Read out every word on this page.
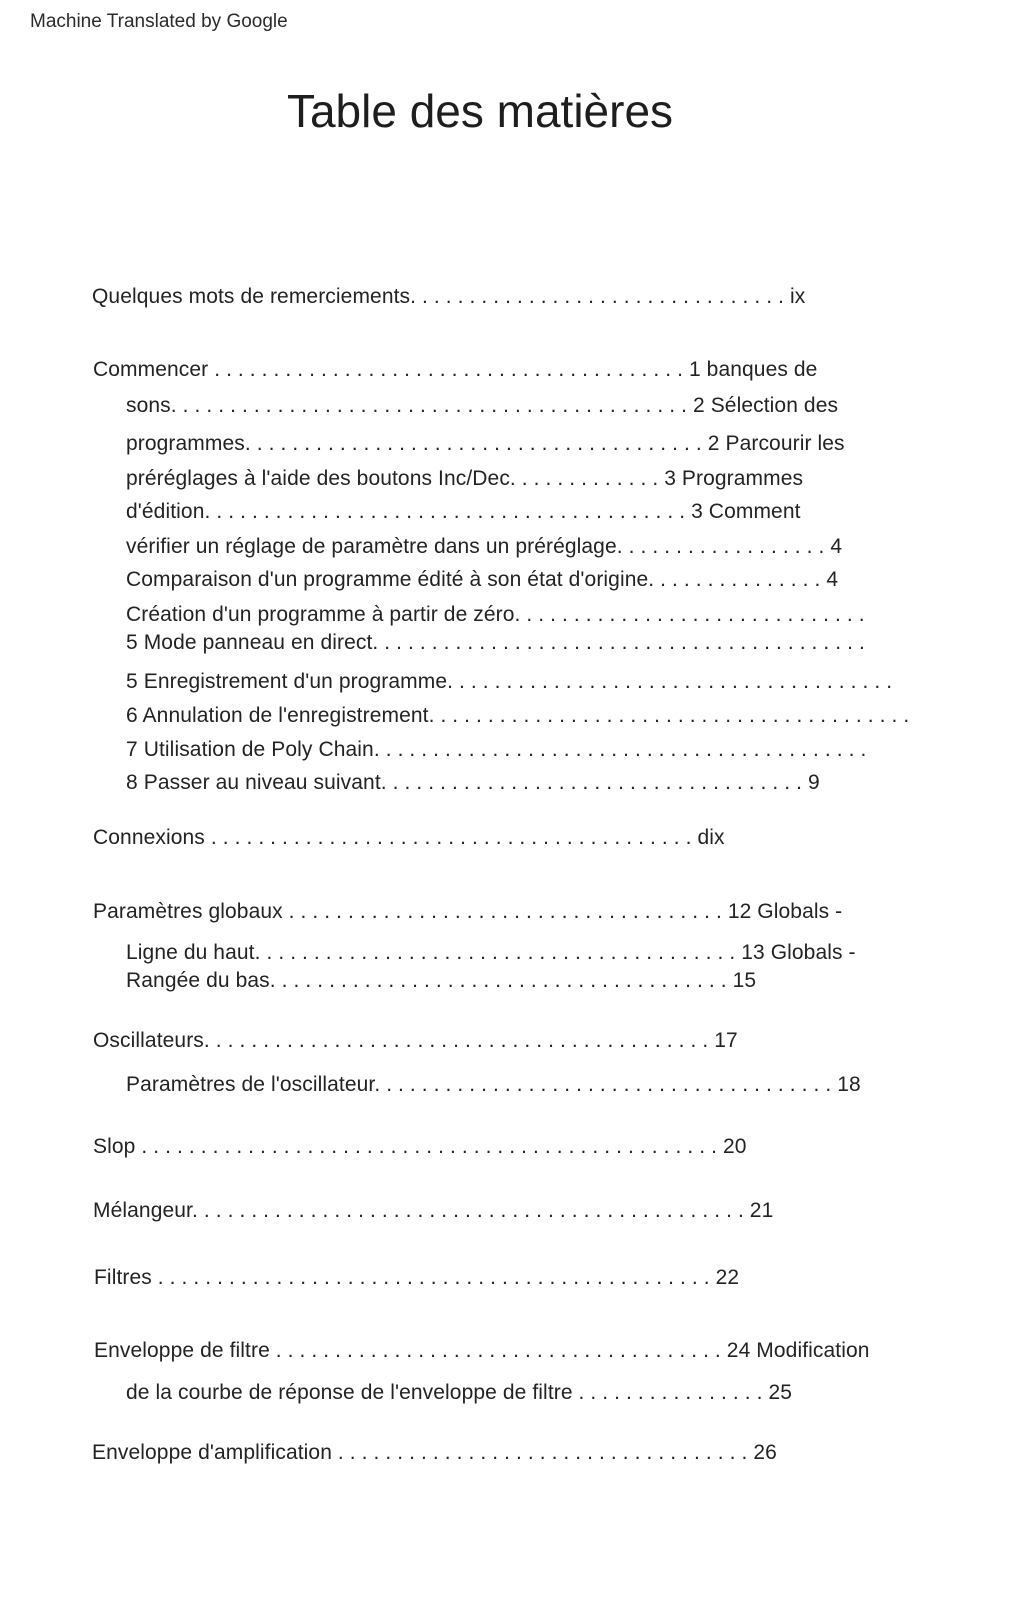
Machine Translated by Google
Table des matières
Quelques mots de remerciements. . . . . . . . . . . . . . . . . . . . . . . . . . . . . . . . ix
Commencer . . . . . . . . . . . . . . . . . . . . . . . . . . . . . . . . . . . . . . . . 1 banques de
sons. . . . . . . . . . . . . . . . . . . . . . . . . . . . . . . . . . . . . . . . . . . . 2 Sélection des
programmes. . . . . . . . . . . . . . . . . . . . . . . . . . . . . . . . . . . . . . . 2 Parcourir les
préréglages à l'aide des boutons Inc/Dec. . . . . . . . . . . . . 3 Programmes
d'édition. . . . . . . . . . . . . . . . . . . . . . . . . . . . . . . . . . . . . . . . . 3 Comment
vérifier un réglage de paramètre dans un préréglage. . . . . . . . . . . . . . . . . . 4
Comparaison d'un programme édité à son état d'origine. . . . . . . . . . . . . . . 4
Création d'un programme à partir de zéro. . . . . . . . . . . . . . . . . . . . . . . . . . . . . .
5 Mode panneau en direct. . . . . . . . . . . . . . . . . . . . . . . . . . . . . . . . . . . . . . . . . .
5 Enregistrement d'un programme. . . . . . . . . . . . . . . . . . . . . . . . . . . . . . . . . . . . . .
6 Annulation de l'enregistrement. . . . . . . . . . . . . . . . . . . . . . . . . . . . . . . . . . . . . . . . .
7 Utilisation de Poly Chain. . . . . . . . . . . . . . . . . . . . . . . . . . . . . . . . . . . . . . . . . .
8 Passer au niveau suivant. . . . . . . . . . . . . . . . . . . . . . . . . . . . . . . . . . . . 9
Connexions . . . . . . . . . . . . . . . . . . . . . . . . . . . . . . . . . . . . . . . . . dix
Paramètres globaux . . . . . . . . . . . . . . . . . . . . . . . . . . . . . . . . . . . . . 12 Globals -
Ligne du haut. . . . . . . . . . . . . . . . . . . . . . . . . . . . . . . . . . . . . . . . . 13 Globals -
Rangée du bas. . . . . . . . . . . . . . . . . . . . . . . . . . . . . . . . . . . . . . . 15
Oscillateurs. . . . . . . . . . . . . . . . . . . . . . . . . . . . . . . . . . . . . . . . . . . 17
Paramètres de l'oscillateur. . . . . . . . . . . . . . . . . . . . . . . . . . . . . . . . . . . . . . . 18
Slop . . . . . . . . . . . . . . . . . . . . . . . . . . . . . . . . . . . . . . . . . . . . . . . . . 20
Mélangeur. . . . . . . . . . . . . . . . . . . . . . . . . . . . . . . . . . . . . . . . . . . . . . . 21
Filtres . . . . . . . . . . . . . . . . . . . . . . . . . . . . . . . . . . . . . . . . . . . . . . . 22
Enveloppe de filtre . . . . . . . . . . . . . . . . . . . . . . . . . . . . . . . . . . . . . . 24 Modification
de la courbe de réponse de l'enveloppe de filtre . . . . . . . . . . . . . . . . 25
Enveloppe d'amplification . . . . . . . . . . . . . . . . . . . . . . . . . . . . . . . . . . . 26
